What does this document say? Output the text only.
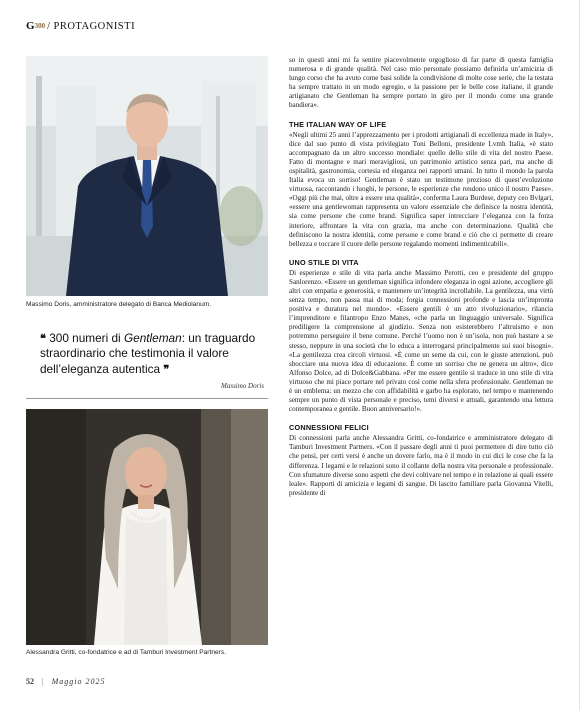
G300 / PROTAGONISTI
Massimo Doris, amministratore delegato di Banca Mediolanum.
❝ 300 numeri di Gentleman: un traguardo straordinario che testimonia il valore dell’eleganza autentica ❞
Massimo Doris
Alessandra Gritti, co-fondatrice e ad di Tamburi Investment Partners.

so in questi anni mi fa sentire piacevolmente orgoglioso di far parte di questa famiglia numerosa e di grande qualità. Nel caso mio personale possiamo definirla un’amicizia di lungo corso che ha avuto come basi solide la condivisione di molte cose serie, che la testata ha sempre trattato in un modo egregio, e la passione per le belle cose italiane, il grande artigianato che Gentleman ha sempre portato in giro per il mondo come una grande bandiera».

THE ITALIAN WAY OF LIFE

«Negli ultimi 25 anni l’apprezzamento per i prodotti artigianali di eccellenza made in Italy», dice dal suo punto di vista privilegiato Toni Belloni, presidente Lvmh Italia, «è stato accompagnato da un altro successo mondiale: quello dello stile di vita del nostro Paese. Fatto di montagne e mari meravigliosi, un patrimonio artistico senza pari, ma anche di ospitalità, gastronomia, cortesia ed eleganza nei rapporti umani. In tutto il mondo la parola Italia evoca un sorriso! Gentleman è stato un testimone prezioso di quest’evoluzione virtuosa, raccontando i luoghi, le persone, le esperienze che rendono unico il nostro Paese». «Oggi più che mai, oltre a essere una qualità», conferma Laura Burdese, deputy ceo Bvlgari, «essere una gentlewoman rappresenta un valore essenziale che definisce la nostra identità, sia come persone che come brand. Significa saper intrecciare l’eleganza con la forza interiore, affrontare la vita con grazia, ma anche con determinazione. Qualità che definiscono la nostra identità, come persone e come brand e ciò che ci permette di creare bellezza e toccare il cuore delle persone regalando momenti indimenticabili».

UNO STILE DI VITA

Di esperienze e stile di vita parla anche Massimo Perotti, ceo e presidente del gruppo Sanlorenzo. «Essere un gentleman significa infondere eleganza in ogni azione, accogliere gli altri con empatia e generosità, e mantenere un’integrità incrollabile. La gentilezza, una virtù senza tempo, non passa mai di moda; forgia connessioni profonde e lascia un’impronta positiva e duratura nel mondo». «Essere gentili è un atto rivoluzionario», rilancia l’imprenditore e filantropo Enzo Manes, «che parla un linguaggio universale. Significa prediligere la comprensione al giudizio. Senza non esisterebbero l’altruismo e non potremmo perseguire il bene comune. Perché l’uomo non è un’isola, non può bastare a se stesso, neppure in una società che lo educa a interrogarsi principalmente sui suoi bisogni». «La gentilezza crea circoli virtuosi. «È come un seme da cui, con le giuste attenzioni, può sbocciare una nuova idea di educazione. È come un sorriso che ne genera un altro», dice Alfonso Dolce, ad di Dolce&Gabbana. «Per me essere gentile si traduce in uno stile di vita virtuoso che mi piace portare nel privato così come nella sfera professionale. Gentleman ne è un emblema: un mezzo che con affidabilità e garbo ha esplorato, nel tempo e mantenendo sempre un punto di vista personale e preciso, temi diversi e attuali, garantendo una lettura contemporanea e gentile. Buon anniversario!».

CONNESSIONI FELICI

Di connessioni parla anche Alessandra Gritti, co-fondatrice e amministratore delegato di Tamburi Investment Partners. «Con il passare degli anni ti puoi permettere di dire tutto ciò che pensi, per certi versi è anche un dovere farlo, ma è il modo in cui dici le cose che fa la differenza. I legami e le relazioni sono il collante della nostra vita personale e professionale. Con sfumature diverse sono aspetti che devi coltivare nel tempo e in relazione ai quali essere leale». Rapporti di amicizia e legami di sangue. Di lascito familiare parla Giovanna Vitelli, presidente di

52 | Maggio 2025
